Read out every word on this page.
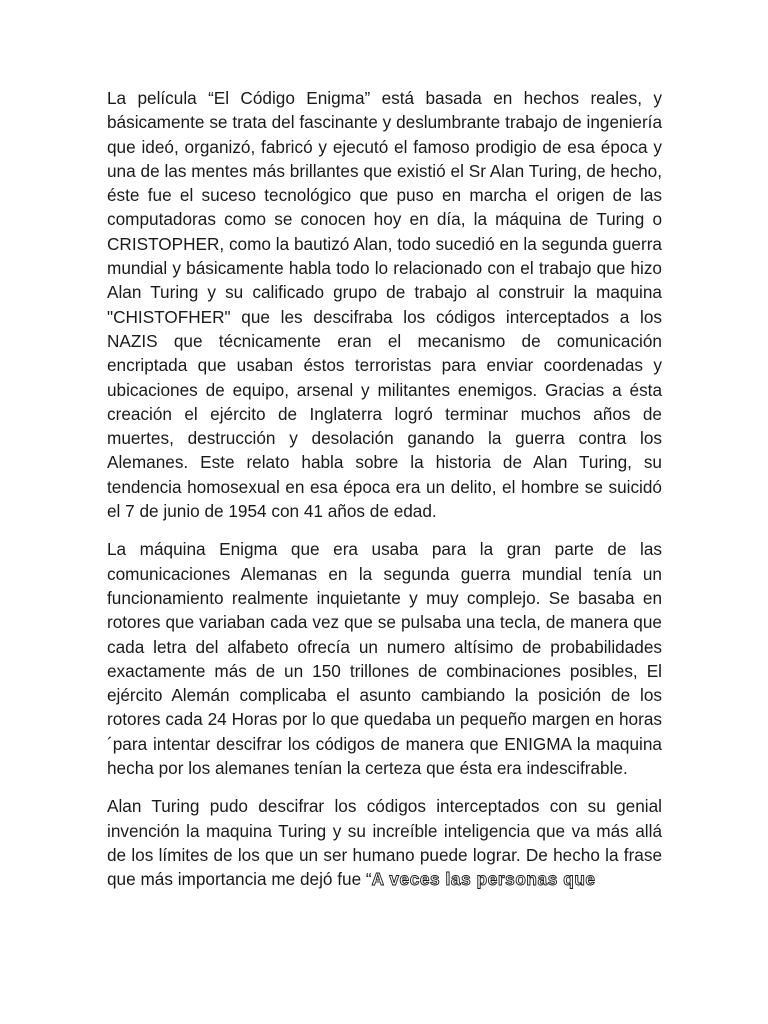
La película “El Código Enigma” está basada en hechos reales, y básicamente se trata del fascinante y deslumbrante trabajo de ingeniería que ideó, organizó, fabricó y ejecutó el famoso prodigio de esa época y una de las mentes más brillantes que existió el Sr Alan Turing, de hecho, éste fue el suceso tecnológico que puso en marcha el origen de las computadoras como se conocen hoy en día, la máquina de Turing o CRISTOPHER, como la bautizó Alan, todo sucedió en la segunda guerra mundial y básicamente habla todo lo relacionado con el trabajo que hizo Alan Turing y su calificado grupo de trabajo al construir la maquina "CHISTOFHER" que les descifraba los códigos interceptados a los NAZIS que técnicamente eran el mecanismo de comunicación encriptada que usaban éstos terroristas para enviar coordenadas y ubicaciones de equipo, arsenal y militantes enemigos. Gracias a ésta creación el ejército de Inglaterra logró terminar muchos años de muertes, destrucción y desolación ganando la guerra contra los Alemanes. Este relato habla sobre la historia de Alan Turing, su tendencia homosexual en esa época era un delito, el hombre se suicidó el 7 de junio de 1954 con 41 años de edad.

La máquina Enigma que era usaba para la gran parte de las comunicaciones Alemanas en la segunda guerra mundial tenía un funcionamiento realmente inquietante y muy complejo. Se basaba en rotores que variaban cada vez que se pulsaba una tecla, de manera que cada letra del alfabeto ofrecía un numero altísimo de probabilidades exactamente más de un 150 trillones de combinaciones posibles, El ejército Alemán complicaba el asunto cambiando la posición de los rotores cada 24 Horas por lo que quedaba un pequeño margen en horas ´para intentar descifrar los códigos de manera que ENIGMA la maquina hecha por los alemanes tenían la certeza que ésta era indescifrable.

Alan Turing pudo descifrar los códigos interceptados con su genial invención la maquina Turing y su increíble inteligencia que va más allá de los límites de los que un ser humano puede lograr. De hecho la frase que más importancia me dejó fue “A veces las personas que
